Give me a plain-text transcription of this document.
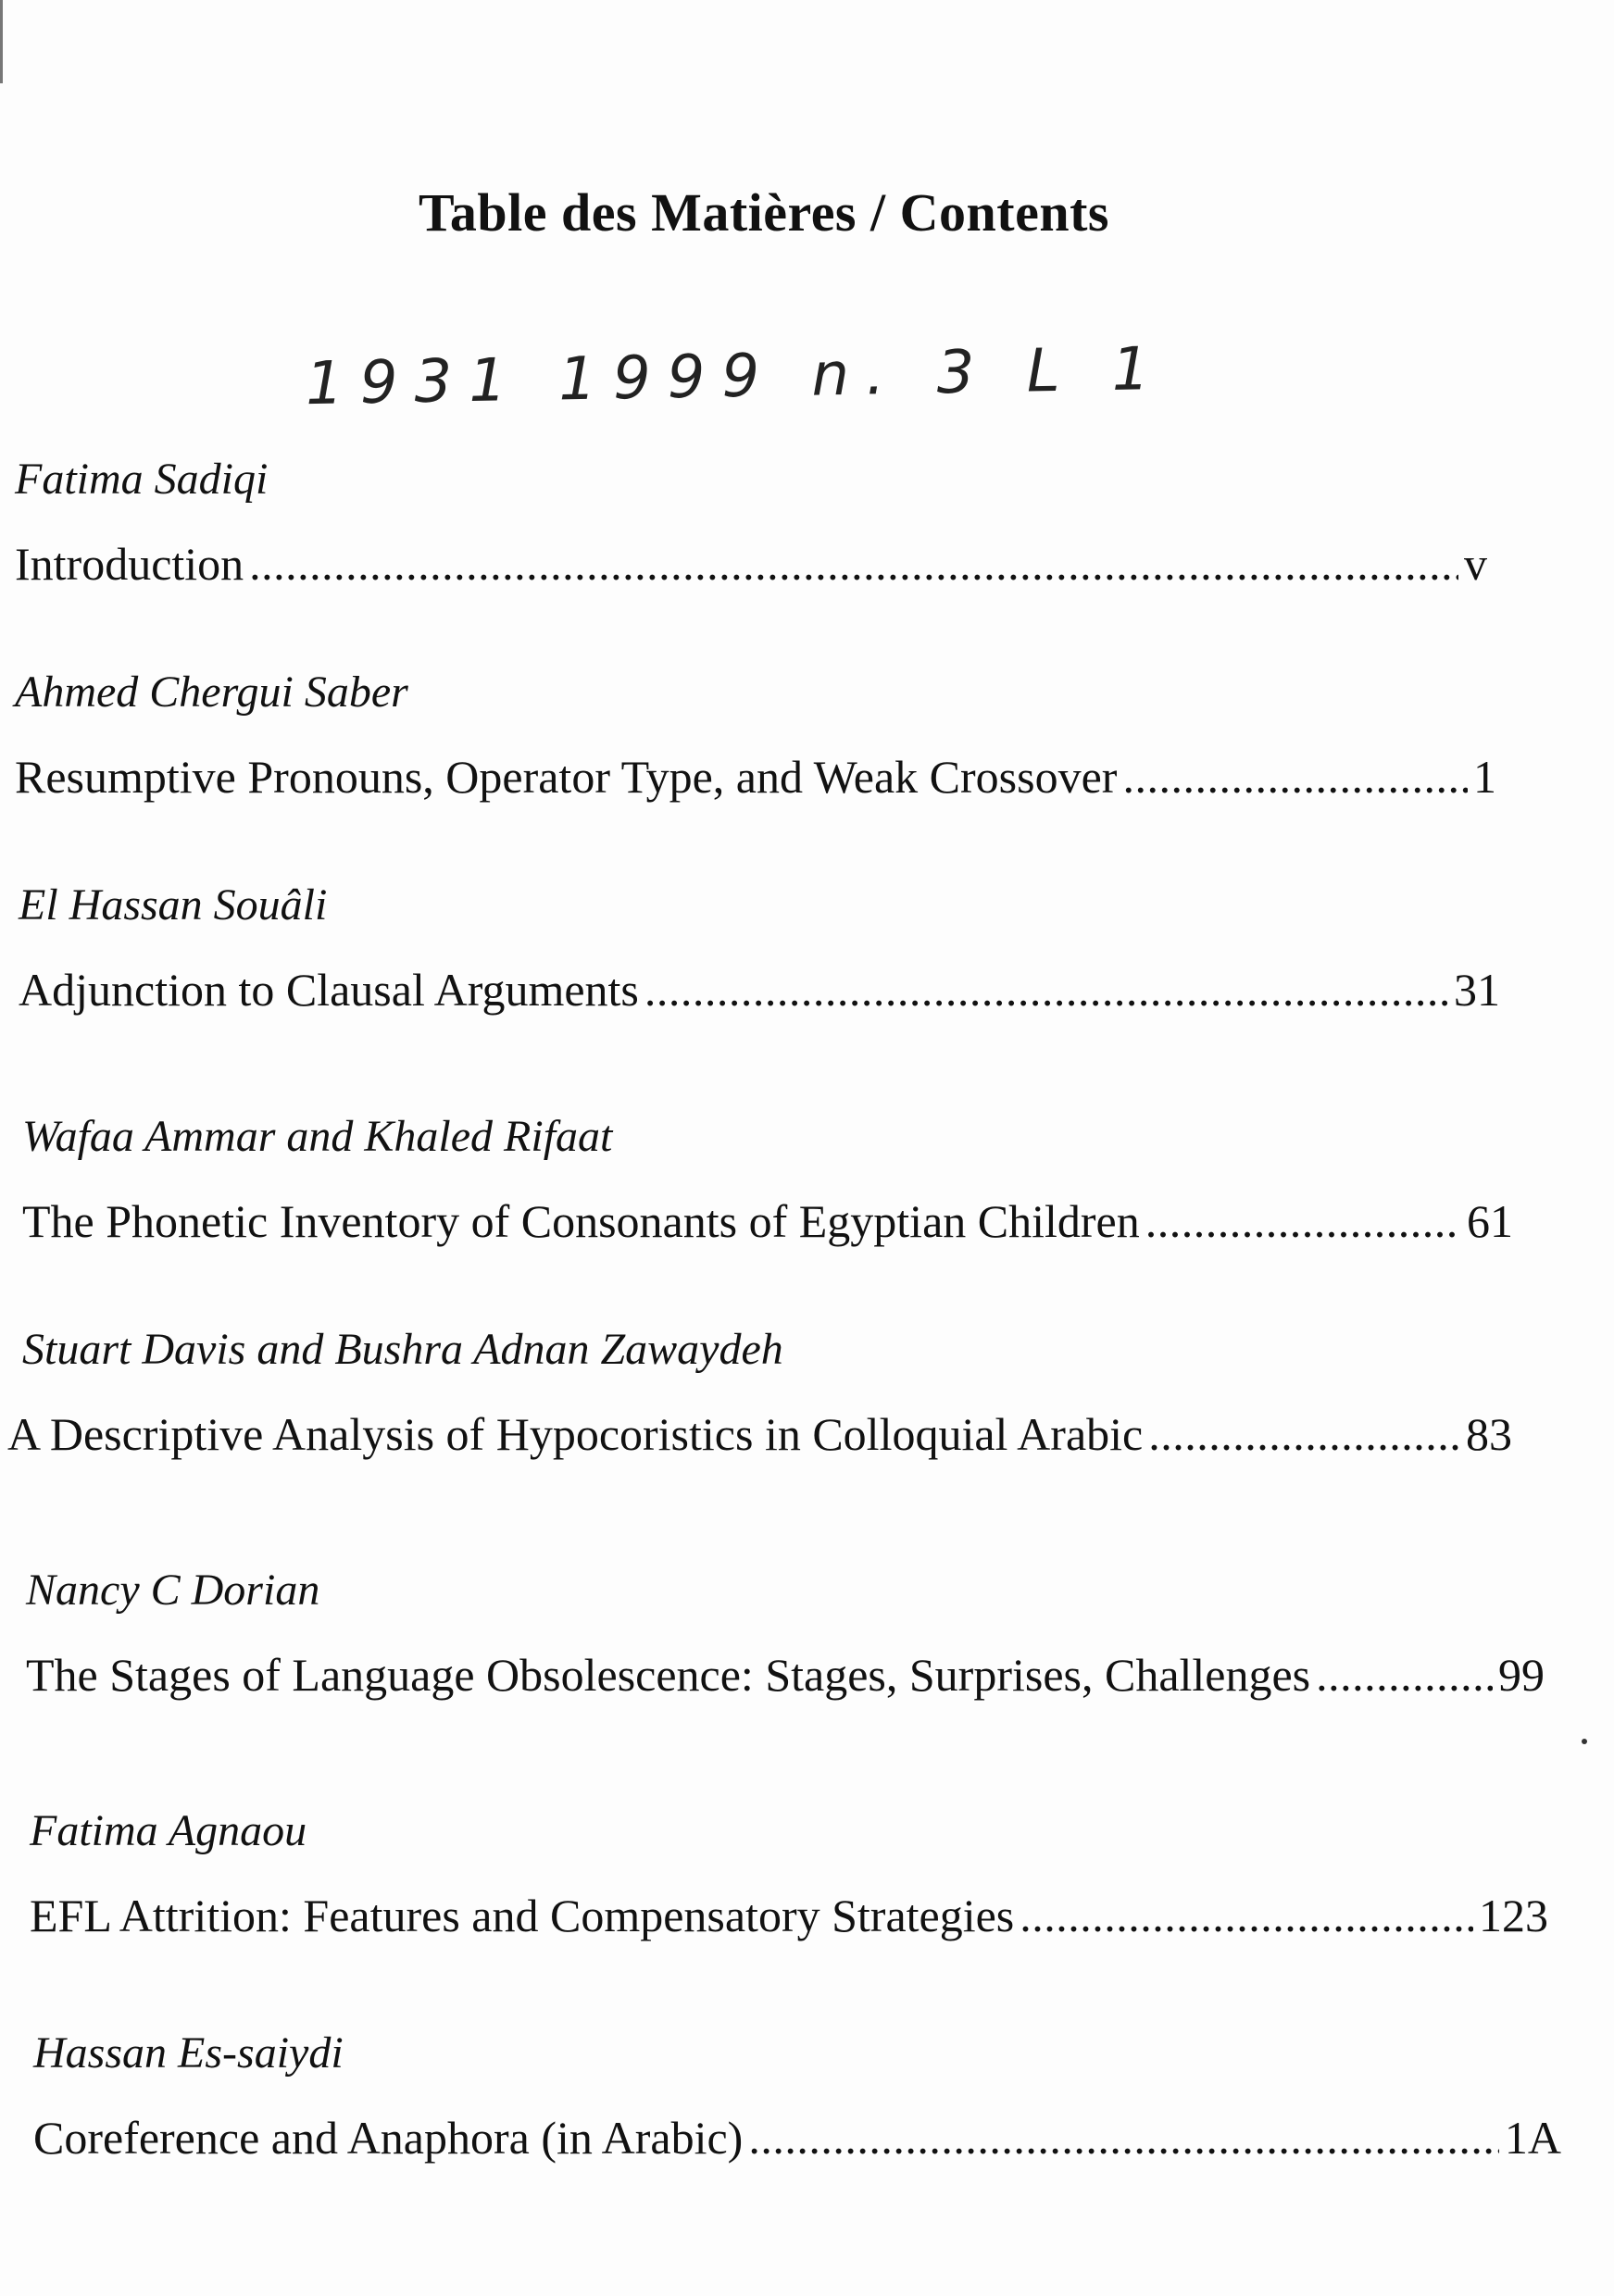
Table des Matières / Contents
1931 1999 n. 3 L 1
Fatima Sadiqi
Introduction . . .	v
Ahmed Chergui Saber
Resumptive Pronouns, Operator Type, and Weak Crossover . . .	1
El Hassan Souâli
Adjunction to Clausal Arguments . . .	31
Wafaa Ammar and Khaled Rifaat
The Phonetic Inventory of Consonants of Egyptian Children . . .	61
Stuart Davis and Bushra Adnan Zawaydeh
A Descriptive Analysis of Hypocoristics in Colloquial Arabic . . .	83
Nancy C Dorian
The Stages of Language Obsolescence: Stages, Surprises, Challenges . . .	99
Fatima Agnaou
EFL Attrition: Features and Compensatory Strategies . . .	123
Hassan Es-saiydi
Coreference and Anaphora (in Arabic) . . .	1A
